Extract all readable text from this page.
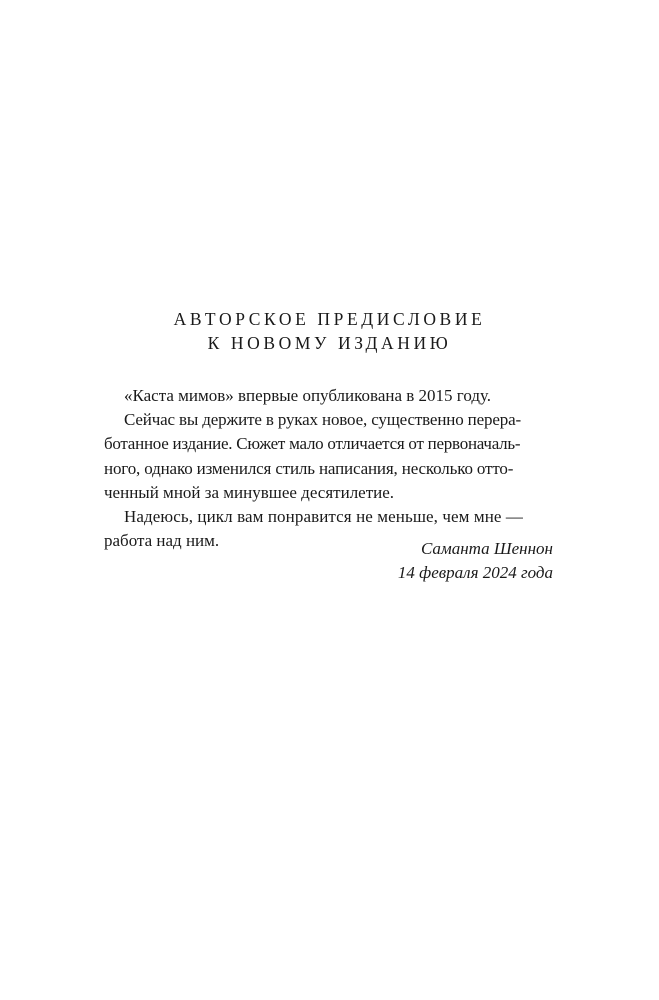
АВТОРСКОЕ ПРЕДИСЛОВИЕ
К НОВОМУ ИЗДАНИЮ

«Каста мимов» впервые опубликована в 2015 году.

Сейчас вы держите в руках новое, существенно перера-
ботанное издание. Сюжет мало отличается от первоначаль-
ного, однако изменился стиль написания, несколько отто-
ченный мной за минувшее десятилетие.

Надеюсь, цикл вам понравится не меньше, чем мне —
работа над ним.	Саманта Шеннон
14 февраля 2024 года
